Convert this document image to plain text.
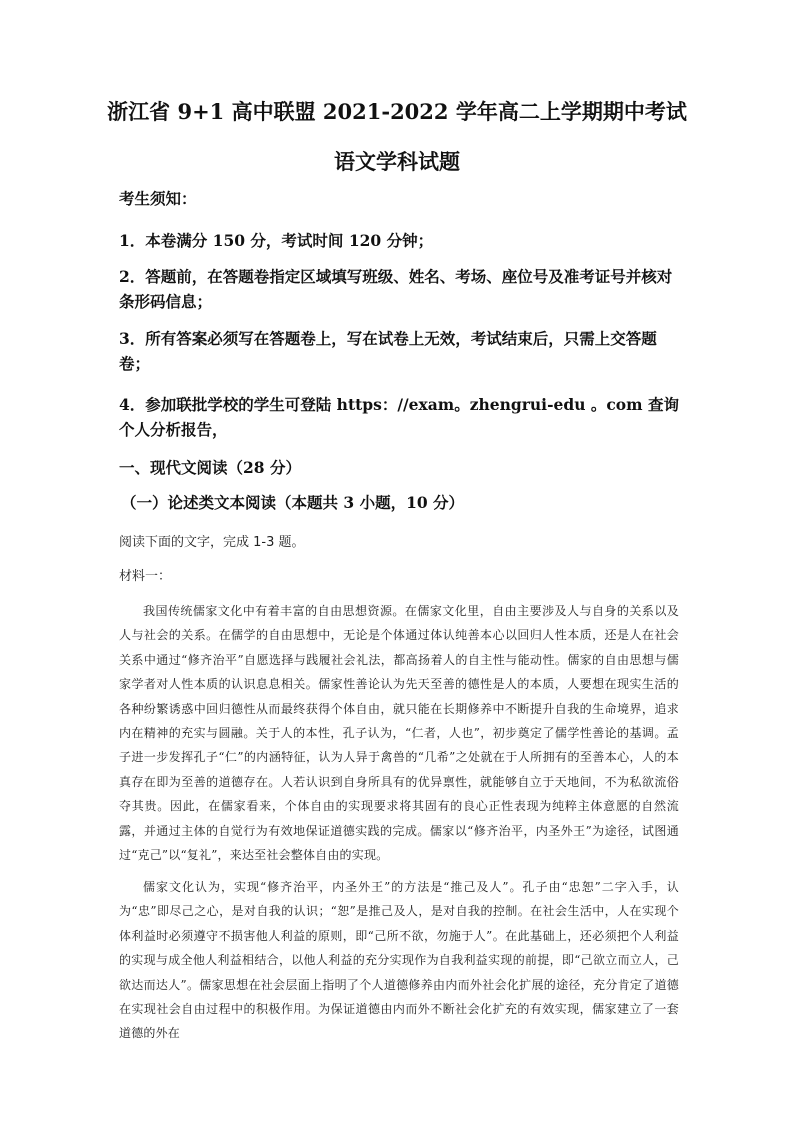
浙江省 9+1 高中联盟 2021-2022 学年高二上学期期中考试
语文学科试题
考生须知：
1．本卷满分 150 分，考试时间 120 分钟；
2．答题前，在答题卷指定区域填写班级、姓名、考场、座位号及准考证号并核对条形码信息；
3．所有答案必须写在答题卷上，写在试卷上无效，考试结束后，只需上交答题卷；
4．参加联批学校的学生可登陆 https：//exam。zhengrui-edu 。com 查询个人分析报告，
一、现代文阅读（28 分）
（一）论述类文本阅读（本题共 3 小题，10 分）
阅读下面的文字，完成 1-3 题。
材料一：
我国传统儒家文化中有着丰富的自由思想资源。在儒家文化里，自由主要涉及人与自身的关系以及人与社会的关系。在儒学的自由思想中，无论是个体通过体认纯善本心以回归人性本质，还是人在社会关系中通过“修齐治平”自愿选择与践履社会礼法，都高扬着人的自主性与能动性。儒家的自由思想与儒家学者对人性本质的认识息息相关。儒家性善论认为先天至善的德性是人的本质，人要想在现实生活的各种纷繁诱惑中回归德性从而最终获得个体自由，就只能在长期修养中不断提升自我的生命境界，追求内在精神的充实与圆融。关于人的本性，孔子认为，“仁者，人也”，初步奠定了儒学性善论的基调。孟子进一步发挥孔子“仁”的内涵特征，认为人异于禽兽的“几希”之处就在于人所拥有的至善本心，人的本真存在即为至善的道德存在。人若认识到自身所具有的优异禀性，就能够自立于天地间，不为私欲流俗夺其贵。因此，在儒家看来，个体自由的实现要求将其固有的良心正性表现为纯粹主体意愿的自然流露，并通过主体的自觉行为有效地保证道德实践的完成。儒家以“修齐治平，内圣外王”为途径，试图通过“克己”以“复礼”，来达至社会整体自由的实现。
儒家文化认为，实现“修齐治平，内圣外王”的方法是“推己及人”。孔子由“忠恕”二字入手，认为“忠”即尽己之心，是对自我的认识；“恕”是推己及人，是对自我的控制。在社会生活中，人在实现个体利益时必须遵守不损害他人利益的原则，即“己所不欲，勿施于人”。在此基础上，还必须把个人利益的实现与成全他人利益相结合，以他人利益的充分实现作为自我利益实现的前提，即“己欲立而立人，己欲达而达人”。儒家思想在社会层面上指明了个人道德修养由内而外社会化扩展的途径，充分肯定了道德在实现社会自由过程中的积极作用。为保证道德由内而外不断社会化扩充的有效实现，儒家建立了一套道德的外在
